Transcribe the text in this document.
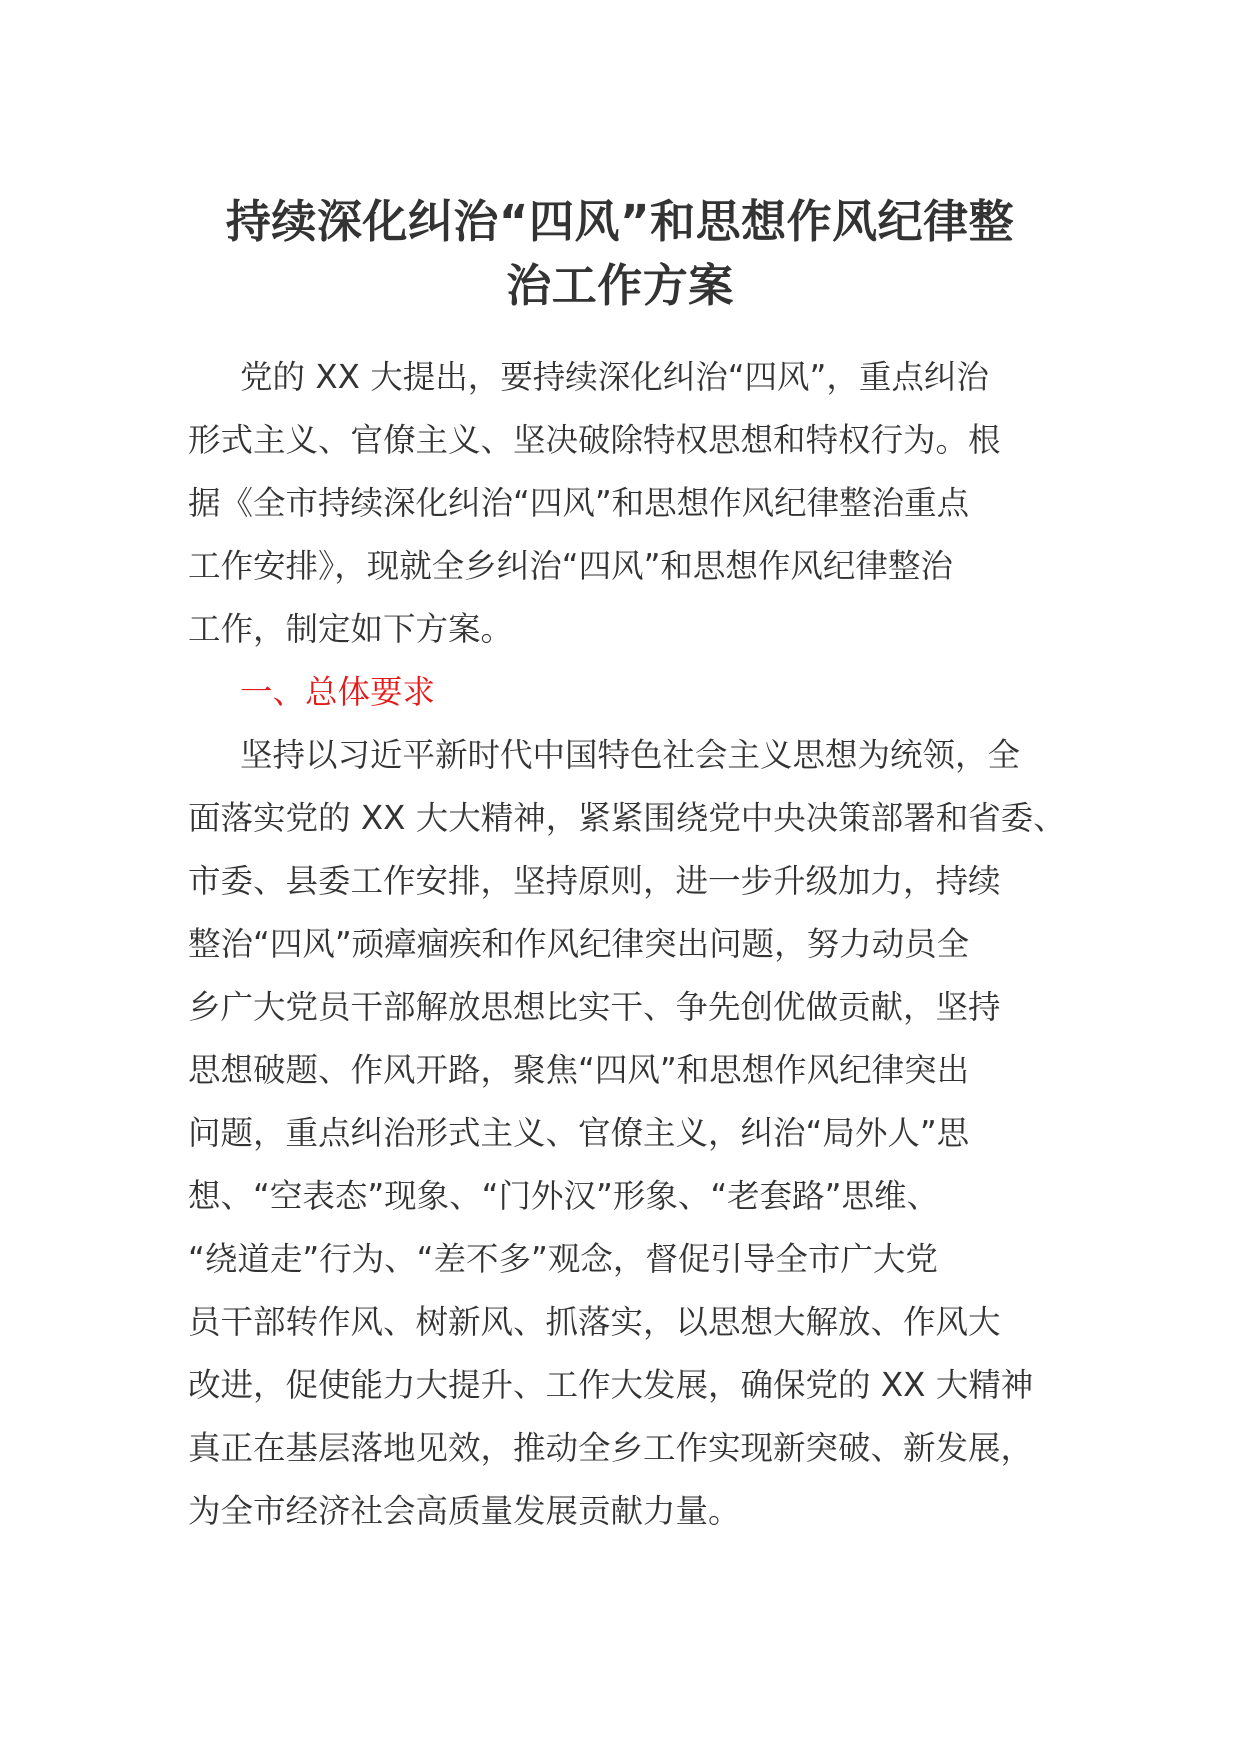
持续深化纠治“四风”和思想作风纪律整
治工作方案
党的 XX 大提出，要持续深化纠治“四风”，重点纠治
形式主义、官僚主义、坚决破除特权思想和特权行为。根
据《全市持续深化纠治“四风”和思想作风纪律整治重点
工作安排》，现就全乡纠治“四风”和思想作风纪律整治
工作，制定如下方案。
一、总体要求
坚持以习近平新时代中国特色社会主义思想为统领，全
面落实党的 XX 大大精神，紧紧围绕党中央决策部署和省委、
市委、县委工作安排，坚持原则，进一步升级加力，持续
整治“四风”顽瘴痼疾和作风纪律突出问题，努力动员全
乡广大党员干部解放思想比实干、争先创优做贡献，坚持
思想破题、作风开路，聚焦“四风”和思想作风纪律突出
问题，重点纠治形式主义、官僚主义，纠治“局外人”思
想、“空表态”现象、“门外汉”形象、“老套路”思维、
“绕道走”行为、“差不多”观念，督促引导全市广大党
员干部转作风、树新风、抓落实，以思想大解放、作风大
改进，促使能力大提升、工作大发展，确保党的 XX 大精神
真正在基层落地见效，推动全乡工作实现新突破、新发展，
为全市经济社会高质量发展贡献力量。
